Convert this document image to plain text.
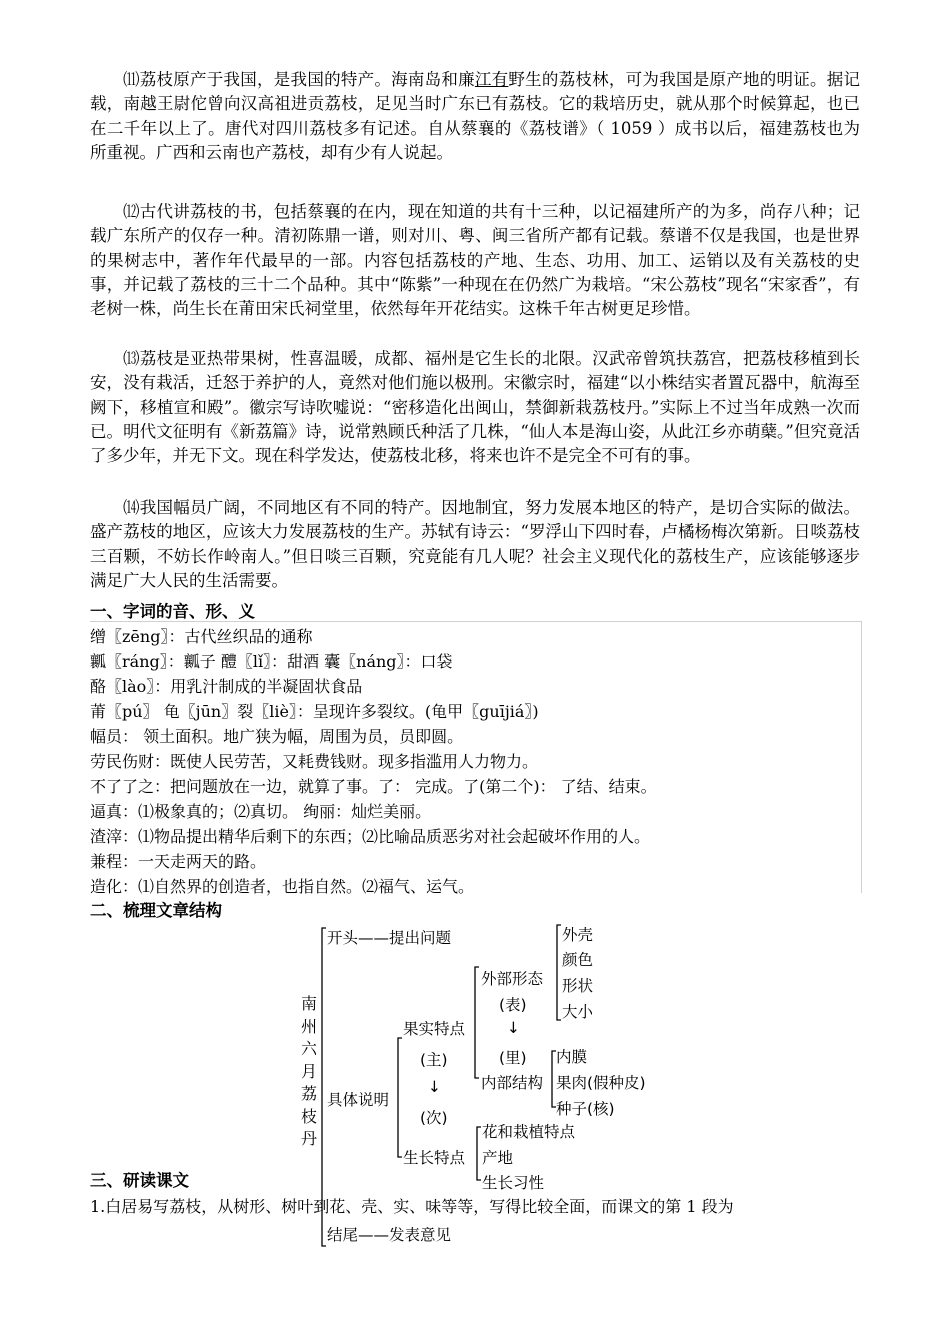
⑾荔枝原产于我国，是我国的特产。海南岛和廉江有野生的荔枝林，可为我国是原产地的明证。据记载，南越王尉佗曾向汉高祖进贡荔枝，足见当时广东已有荔枝。它的栽培历史，就从那个时候算起，也已在二千年以上了。唐代对四川荔枝多有记述。自从蔡襄的《荔枝谱》（ 1059 ）成书以后，福建荔枝也为所重视。广西和云南也产荔枝，却有少有人说起。

⑿古代讲荔枝的书，包括蔡襄的在内，现在知道的共有十三种，以记福建所产的为多，尚存八种；记载广东所产的仅存一种。清初陈鼎一谱，则对川、粤、闽三省所产都有记载。蔡谱不仅是我国，也是世界的果树志中，著作年代最早的一部。内容包括荔枝的产地、生态、功用、加工、运销以及有关荔枝的史事，并记载了荔枝的三十二个品种。其中“陈紫”一种现在在仍然广为栽培。“宋公荔枝”现名“宋家香”，有老树一株，尚生长在莆田宋氏祠堂里，依然每年开花结实。这株千年古树更足珍惜。

⒀荔枝是亚热带果树，性喜温暖，成都、福州是它生长的北限。汉武帝曾筑扶荔宫，把荔枝移植到长安，没有栽活，迁怒于养护的人，竟然对他们施以极刑。宋徽宗时，福建“以小株结实者置瓦器中，航海至阙下，移植宣和殿”。徽宗写诗吹嘘说：“密移造化出闽山，禁御新栽荔枝丹。”实际上不过当年成熟一次而已。明代文征明有《新荔篇》诗，说常熟顾氏种活了几株，“仙人本是海山姿，从此江乡亦萌蘖。”但究竟活了多少年，并无下文。现在科学发达，使荔枝北移，将来也许不是完全不可有的事。

⒁我国幅员广阔，不同地区有不同的特产。因地制宜，努力发展本地区的特产，是切合实际的做法。盛产荔枝的地区，应该大力发展荔枝的生产。苏轼有诗云：“罗浮山下四时春，卢橘杨梅次第新。日啖荔枝三百颗，不妨长作岭南人。”但日啖三百颗，究竟能有几人呢？社会主义现代化的荔枝生产，应该能够逐步满足广大人民的生活需要。

一、字词的音、形、义
缯〖zēng〗：古代丝织品的通称
瓤〖ráng〗：瓤子 醴〖lǐ〗：甜酒 囊〖náng〗：口袋
酪〖lào〗：用乳汁制成的半凝固状食品
莆〖pú〗 龟〖jūn〗裂〖liè〗：呈现许多裂纹。(龟甲〖guījiá〗)
幅员： 领土面积。地广狭为幅，周围为员，员即圆。
劳民伤财：既使人民劳苦，又耗费钱财。现多指滥用人力物力。
不了了之：把问题放在一边，就算了事。了： 完成。了(第二个)： 了结、结束。
逼真：⑴极象真的；⑵真切。 绚丽：灿烂美丽。
渣滓：⑴物品提出精华后剩下的东西；⑵比喻品质恶劣对社会起破坏作用的人。
兼程：一天走两天的路。
造化：⑴自然界的创造者，也指自然。⑵福气、运气。
二、梳理文章结构
南
州
六
月
荔
枝
丹
开头——提出问题
具体说明
结尾——发表意见
果实特点
(主)
↓
(次)
生长特点
外部形态
(表)
↓
(里)
内部结构
外壳
颜色
形状
大小
内膜
果肉(假种皮)
种子(核)
花和栽植特点
产地
生长习性
三、研读课文
1.白居易写荔枝，从树形、树叶到花、壳、实、味等等，写得比较全面，而课文的第 1 段为
